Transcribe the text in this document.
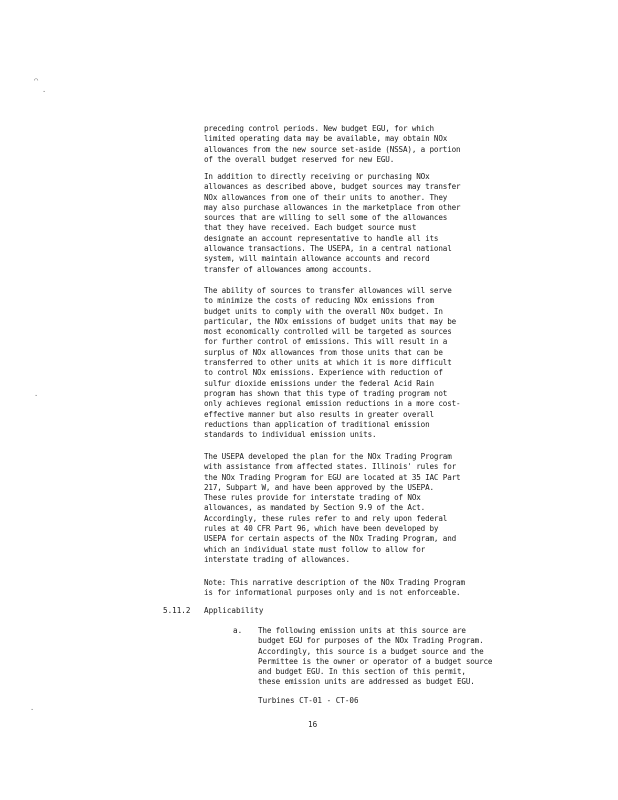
⌒
·
·
·

preceding control periods. New budget EGU, for which

limited operating data may be available, may obtain NOx

allowances from the new source set-aside (NSSA), a portion

of the overall budget reserved for new EGU.

In addition to directly receiving or purchasing NOx

allowances as described above, budget sources may transfer

NOx allowances from one of their units to another. They

may also purchase allowances in the marketplace from other

sources that are willing to sell some of the allowances

that they have received. Each budget source must

designate an account representative to handle all its

allowance transactions. The USEPA, in a central national

system, will maintain allowance accounts and record

transfer of allowances among accounts.

The ability of sources to transfer allowances will serve

to minimize the costs of reducing NOx emissions from

budget units to comply with the overall NOx budget. In

particular, the NOx emissions of budget units that may be

most economically controlled will be targeted as sources

for further control of emissions. This will result in a

surplus of NOx allowances from those units that can be

transferred to other units at which it is more difficult

to control NOx emissions. Experience with reduction of

sulfur dioxide emissions under the federal Acid Rain

program has shown that this type of trading program not

only achieves regional emission reductions in a more cost-

effective manner but also results in greater overall

reductions than application of traditional emission

standards to individual emission units.

The USEPA developed the plan for the NOx Trading Program

with assistance from affected states. Illinois' rules for

the NOx Trading Program for EGU are located at 35 IAC Part

217, Subpart W, and have been approved by the USEPA.

These rules provide for interstate trading of NOx

allowances, as mandated by Section 9.9 of the Act.

Accordingly, these rules refer to and rely upon federal

rules at 40 CFR Part 96, which have been developed by

USEPA for certain aspects of the NOx Trading Program, and

which an individual state must follow to allow for

interstate trading of allowances.

Note: This narrative description of the NOx Trading Program

is for informational purposes only and is not enforceable.

5.11.2 Applicability
a. The following emission units at this source are

budget EGU for purposes of the NOx Trading Program.

Accordingly, this source is a budget source and the

Permittee is the owner or operator of a budget source

and budget EGU. In this section of this permit,

these emission units are addressed as budget EGU.

Turbines CT-01 - CT-06
16
